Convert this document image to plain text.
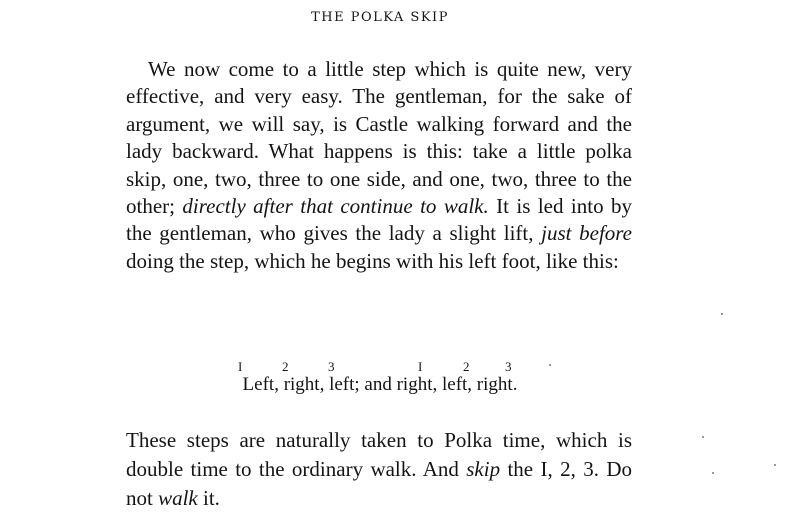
THE POLKA SKIP

We now come to a little step which is quite new, very effective, and very easy. The gentleman, for the sake of argument, we will say, is Castle walking forward and the lady backward. What happens is this: take a little polka skip, one, two, three to one side, and one, two, three to the other; directly after that continue to walk. It is led into by the gentleman, who gives the lady a slight lift, just before doing the step, which he begins with his left foot, like this:

I	2	3	I	2	3
Left, right, left; and right, left, right.

These steps are naturally taken to Polka time, which is double time to the ordinary walk. And skip the I, 2, 3. Do not walk it.
